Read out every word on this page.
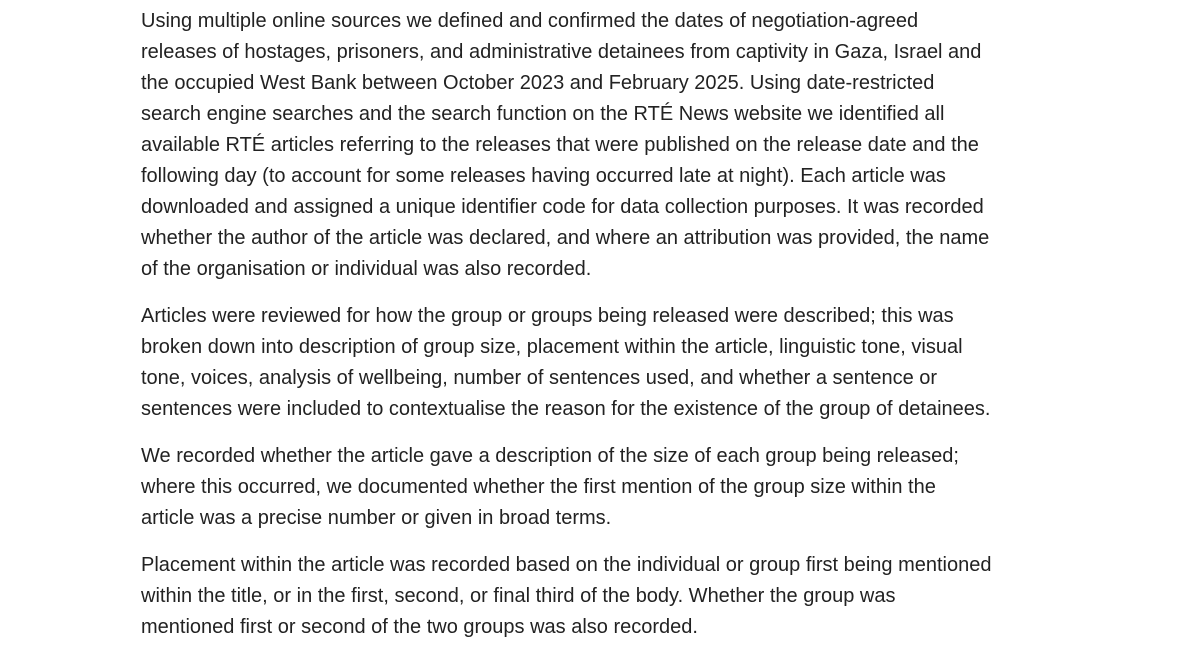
Using multiple online sources we defined and confirmed the dates of negotiation-agreed
releases of hostages, prisoners, and administrative detainees from captivity in Gaza, Israel and
the occupied West Bank between October 2023 and February 2025. Using date-restricted
search engine searches and the search function on the RTÉ News website we identified all
available RTÉ articles referring to the releases that were published on the release date and the
following day (to account for some releases having occurred late at night). Each article was
downloaded and assigned a unique identifier code for data collection purposes. It was recorded
whether the author of the article was declared, and where an attribution was provided, the name
of the organisation or individual was also recorded.

Articles were reviewed for how the group or groups being released were described; this was
broken down into description of group size, placement within the article, linguistic tone, visual
tone, voices, analysis of wellbeing, number of sentences used, and whether a sentence or
sentences were included to contextualise the reason for the existence of the group of detainees.

We recorded whether the article gave a description of the size of each group being released;
where this occurred, we documented whether the first mention of the group size within the
article was a precise number or given in broad terms.

Placement within the article was recorded based on the individual or group first being mentioned
within the title, or in the first, second, or final third of the body. Whether the group was
mentioned first or second of the two groups was also recorded.
